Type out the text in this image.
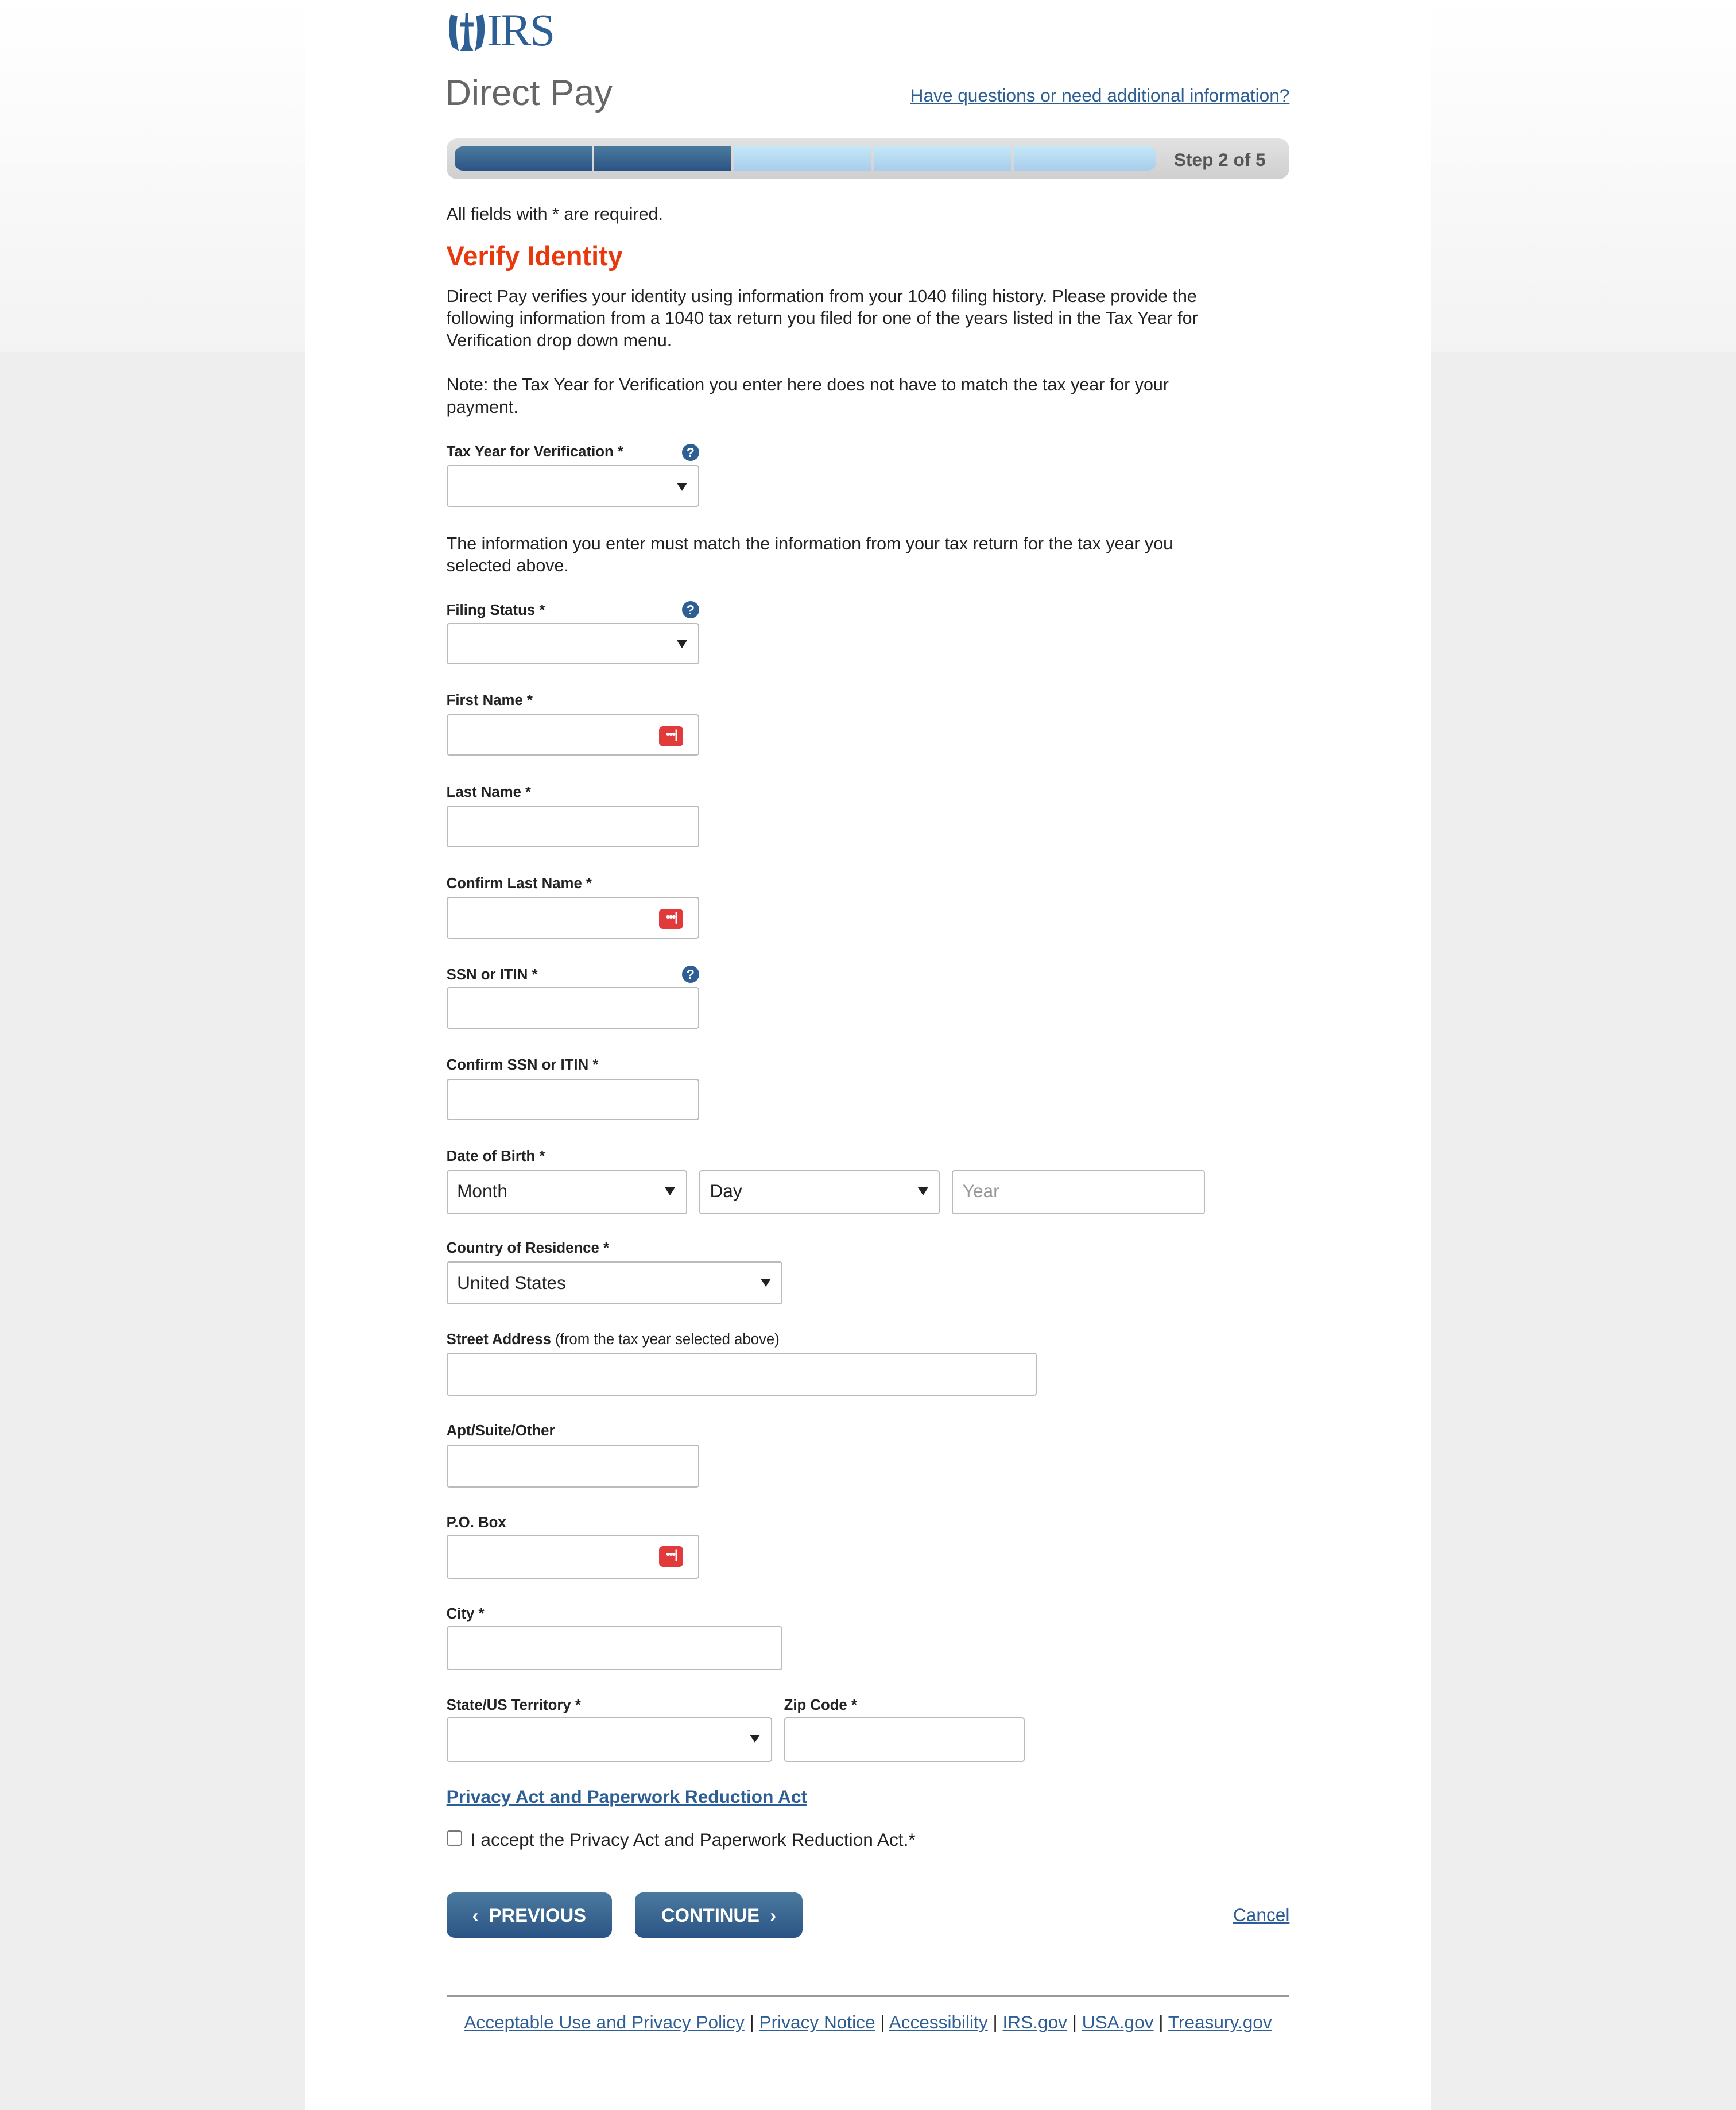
IRS
Direct Pay	Have questions or need additional information?
Step 2 of 5
All fields with * are required.
Verify Identity
Direct Pay verifies your identity using information from your 1040 filing history. Please provide the following information from a 1040 tax return you filed for one of the years listed in the Tax Year for Verification drop down menu.
Note: the Tax Year for Verification you enter here does not have to match the tax year for your payment.
Tax Year for Verification *	?
The information you enter must match the information from your tax return for the tax year you selected above.
Filing Status *	?
First Name *
•••|
Last Name *
Confirm Last Name *
•••|
SSN or ITIN *	?
Confirm SSN or ITIN *
Date of Birth *
Month	Day	Year
Country of Residence *
United States
Street Address (from the tax year selected above)
Apt/Suite/Other
P.O. Box
•••|
City *
State/US Territory *	Zip Code *
Privacy Act and Paperwork Reduction Act
I accept the Privacy Act and Paperwork Reduction Act.*
‹  PREVIOUS	CONTINUE  ›	Cancel
Acceptable Use and Privacy Policy | Privacy Notice | Accessibility | IRS.gov | USA.gov | Treasury.gov
